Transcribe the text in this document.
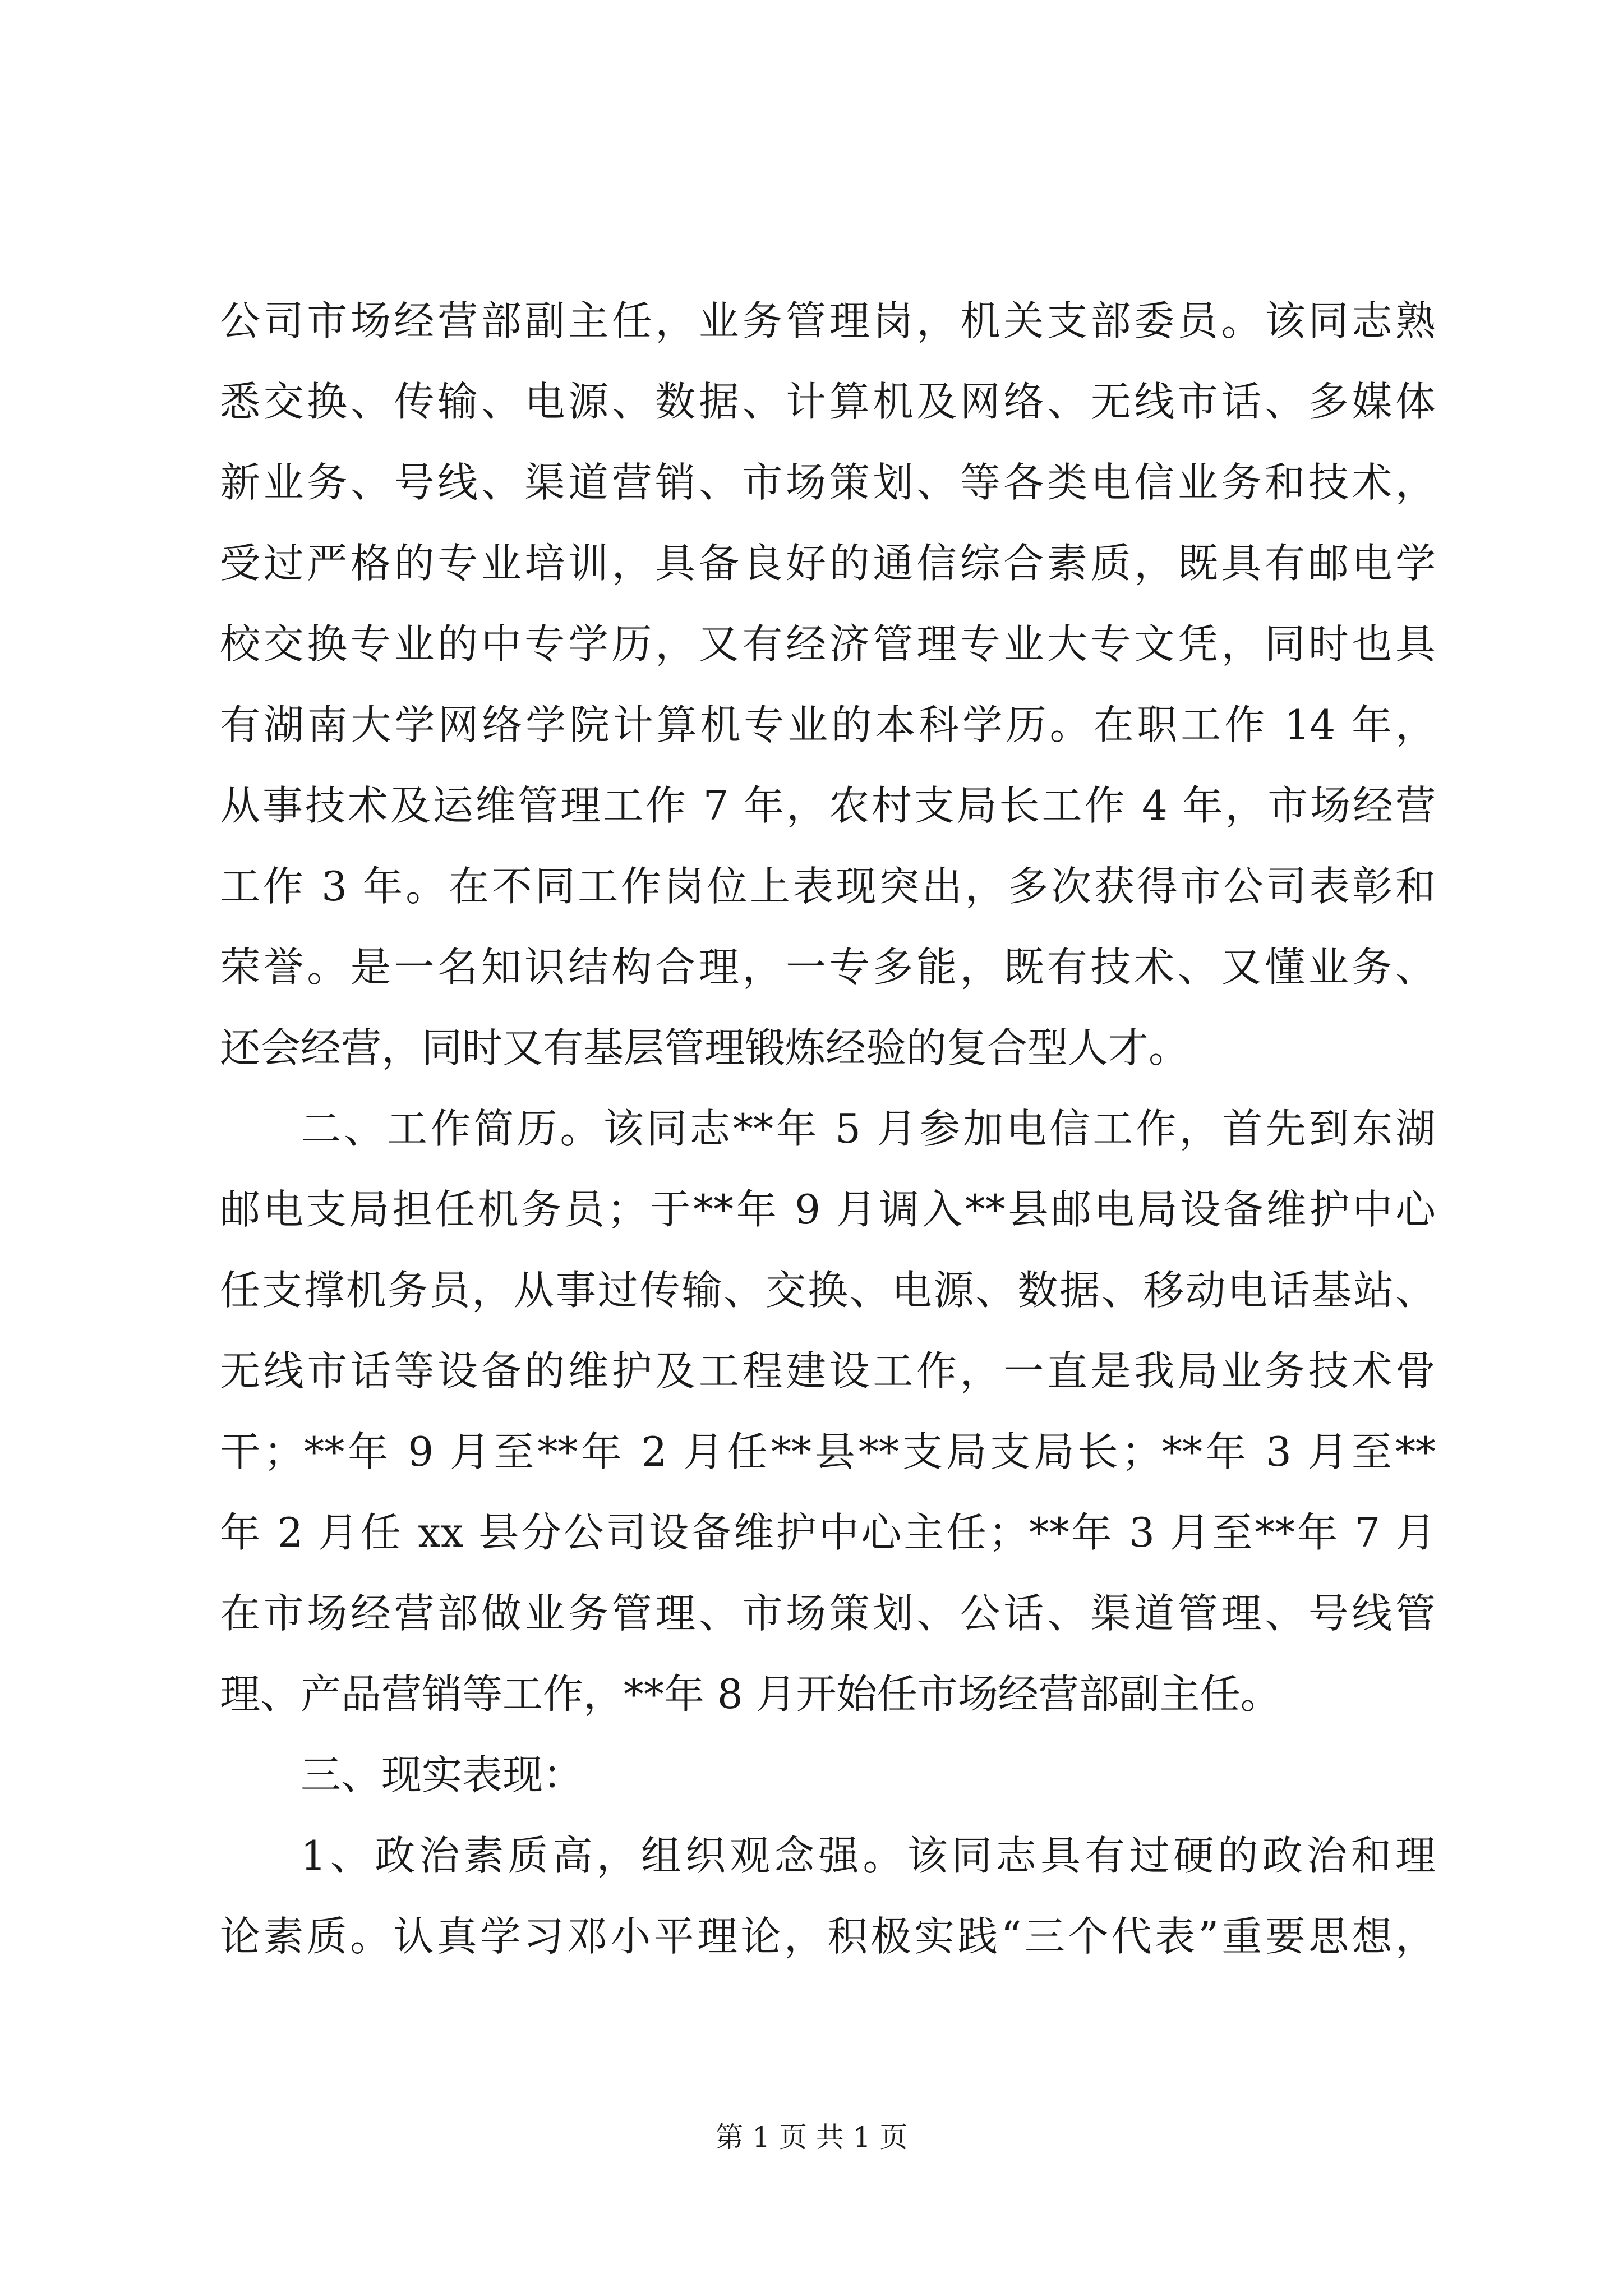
公司市场经营部副主任，业务管理岗，机关支部委员。该同志熟
悉交换、传输、电源、数据、计算机及网络、无线市话、多媒体
新业务、号线、渠道营销、市场策划、等各类电信业务和技术，
受过严格的专业培训，具备良好的通信综合素质，既具有邮电学
校交换专业的中专学历，又有经济管理专业大专文凭，同时也具
有湖南大学网络学院计算机专业的本科学历。在职工作 14 年，
从事技术及运维管理工作 7 年，农村支局长工作 4 年，市场经营
工作 3 年。在不同工作岗位上表现突出，多次获得市公司表彰和
荣誉。是一名知识结构合理，一专多能，既有技术、又懂业务、
还会经营，同时又有基层管理锻炼经验的复合型人才。
二、工作简历。该同志**年 5 月参加电信工作，首先到东湖
邮电支局担任机务员；于**年 9 月调入**县邮电局设备维护中心
任支撑机务员，从事过传输、交换、电源、数据、移动电话基站、
无线市话等设备的维护及工程建设工作，一直是我局业务技术骨
干；**年 9 月至**年 2 月任**县**支局支局长；**年 3 月至**
年 2 月任 xx 县分公司设备维护中心主任；**年 3 月至**年 7 月
在市场经营部做业务管理、市场策划、公话、渠道管理、号线管
理、产品营销等工作，**年 8 月开始任市场经营部副主任。
三、现实表现：
1、政治素质高，组织观念强。该同志具有过硬的政治和理
论素质。认真学习邓小平理论，积极实践“三个代表”重要思想，
第 1 页 共 1 页
